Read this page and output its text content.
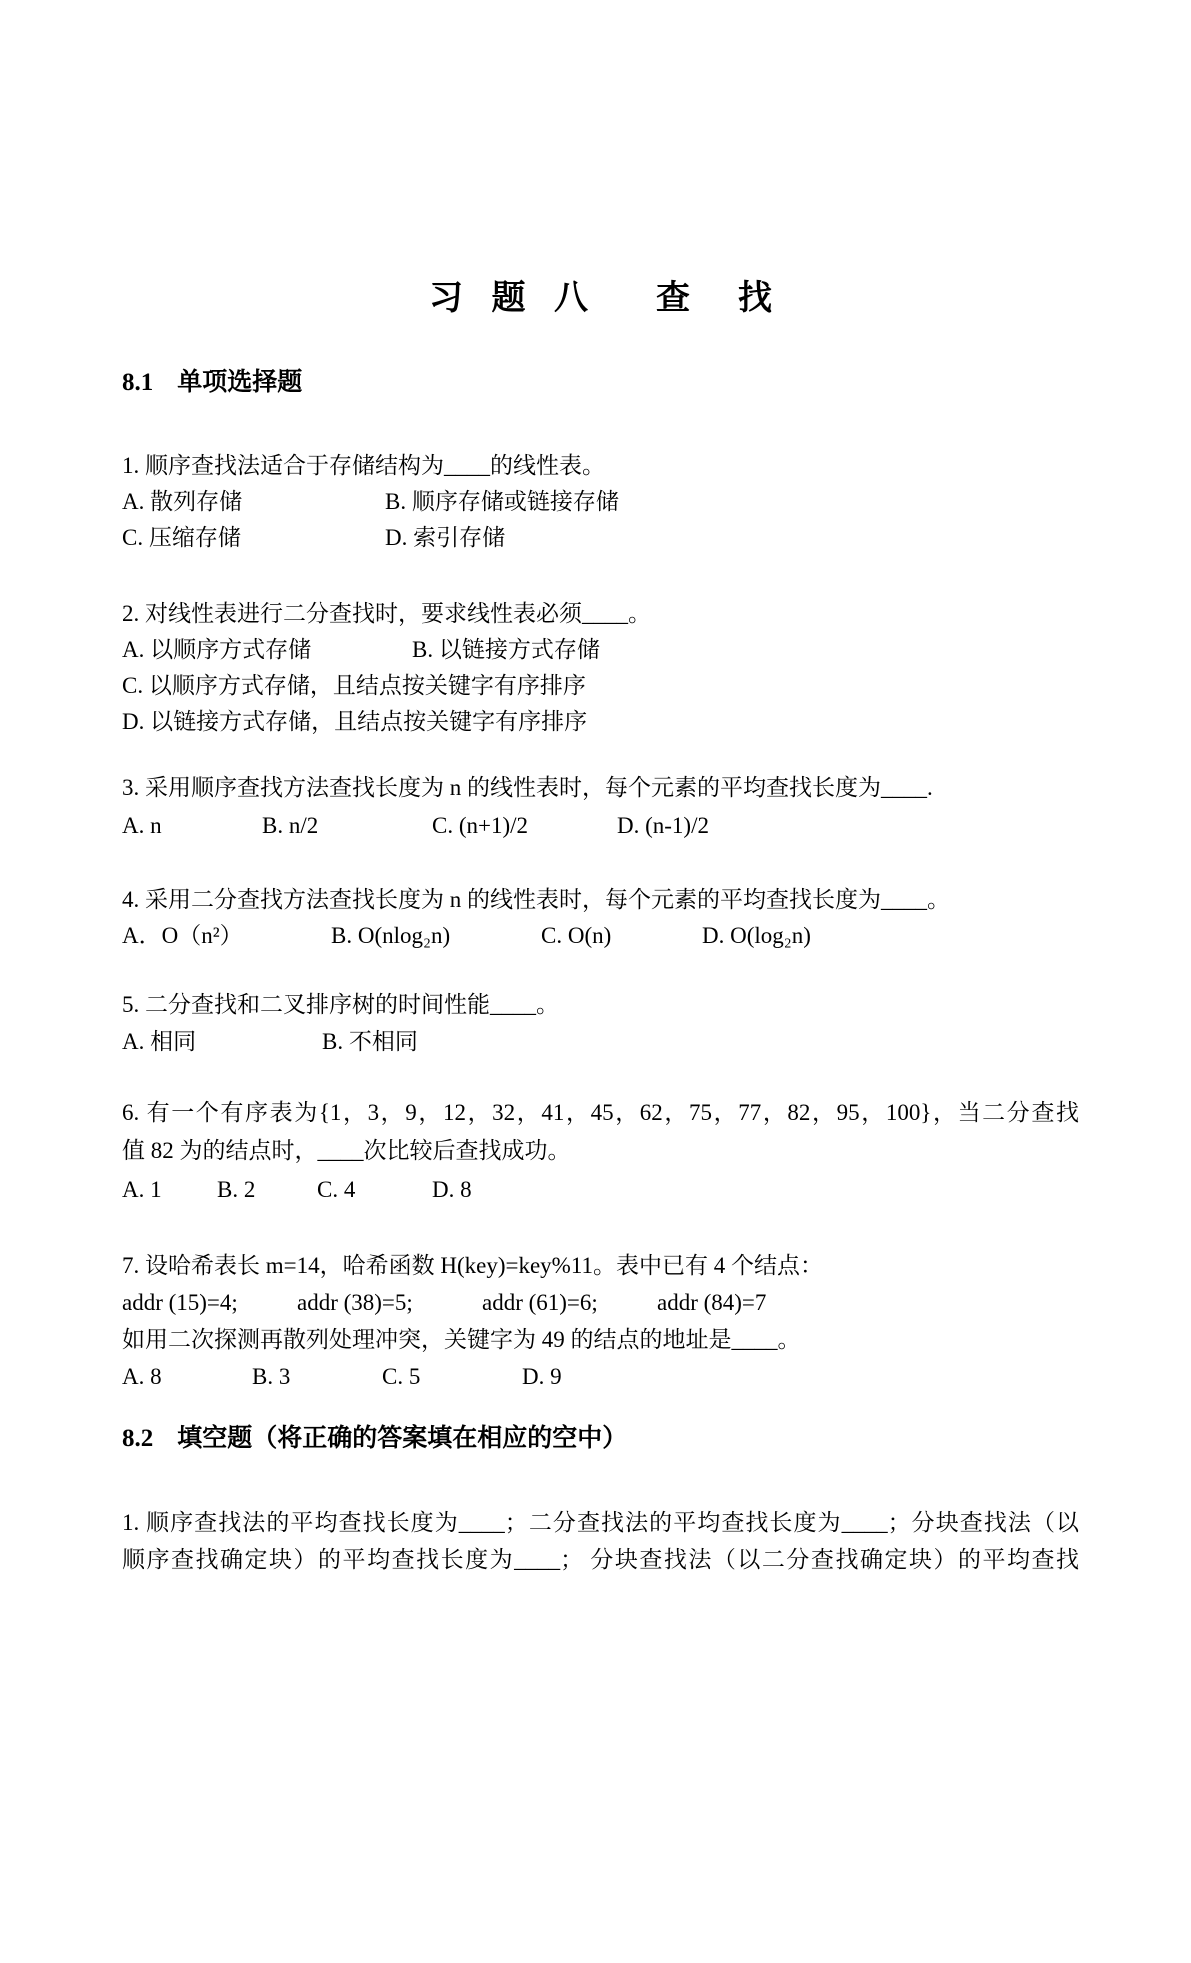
习 题 八 查 找
8.1 单项选择题
1. 顺序查找法适合于存储结构为____的线性表。
A. 散列存储	B. 顺序存储或链接存储
C. 压缩存储	D. 索引存储
2. 对线性表进行二分查找时，要求线性表必须____。
A. 以顺序方式存储	B. 以链接方式存储
C. 以顺序方式存储，且结点按关键字有序排序
D. 以链接方式存储，且结点按关键字有序排序
3. 采用顺序查找方法查找长度为 n 的线性表时，每个元素的平均查找长度为____.
A. n	B. n/2	C. (n+1)/2	D. (n-1)/2
4. 采用二分查找方法查找长度为 n 的线性表时，每个元素的平均查找长度为____。
A．O（n²）	B. O(nlog₂n)	C. O(n)	D. O(log₂n)
5. 二分查找和二叉排序树的时间性能____。
A. 相同	B. 不相同
6. 有一个有序表为{1，3，9，12，32，41，45，62，75，77，82，95，100}，当二分查找
值 82 为的结点时，____次比较后查找成功。
A. 1 B. 2	C. 4	D. 8
7. 设哈希表长 m=14，哈希函数 H(key)=key%11。表中已有 4 个结点：
addr (15)=4;	addr (38)=5;	addr (61)=6;	addr (84)=7
如用二次探测再散列处理冲突，关键字为 49 的结点的地址是____。
A. 8	B. 3	C. 5	D. 9
8.2 填空题（将正确的答案填在相应的空中）
1. 顺序查找法的平均查找长度为____；二分查找法的平均查找长度为____；分块查找法（以
顺序查找确定块）的平均查找长度为____； 分块查找法（以二分查找确定块）的平均查找
